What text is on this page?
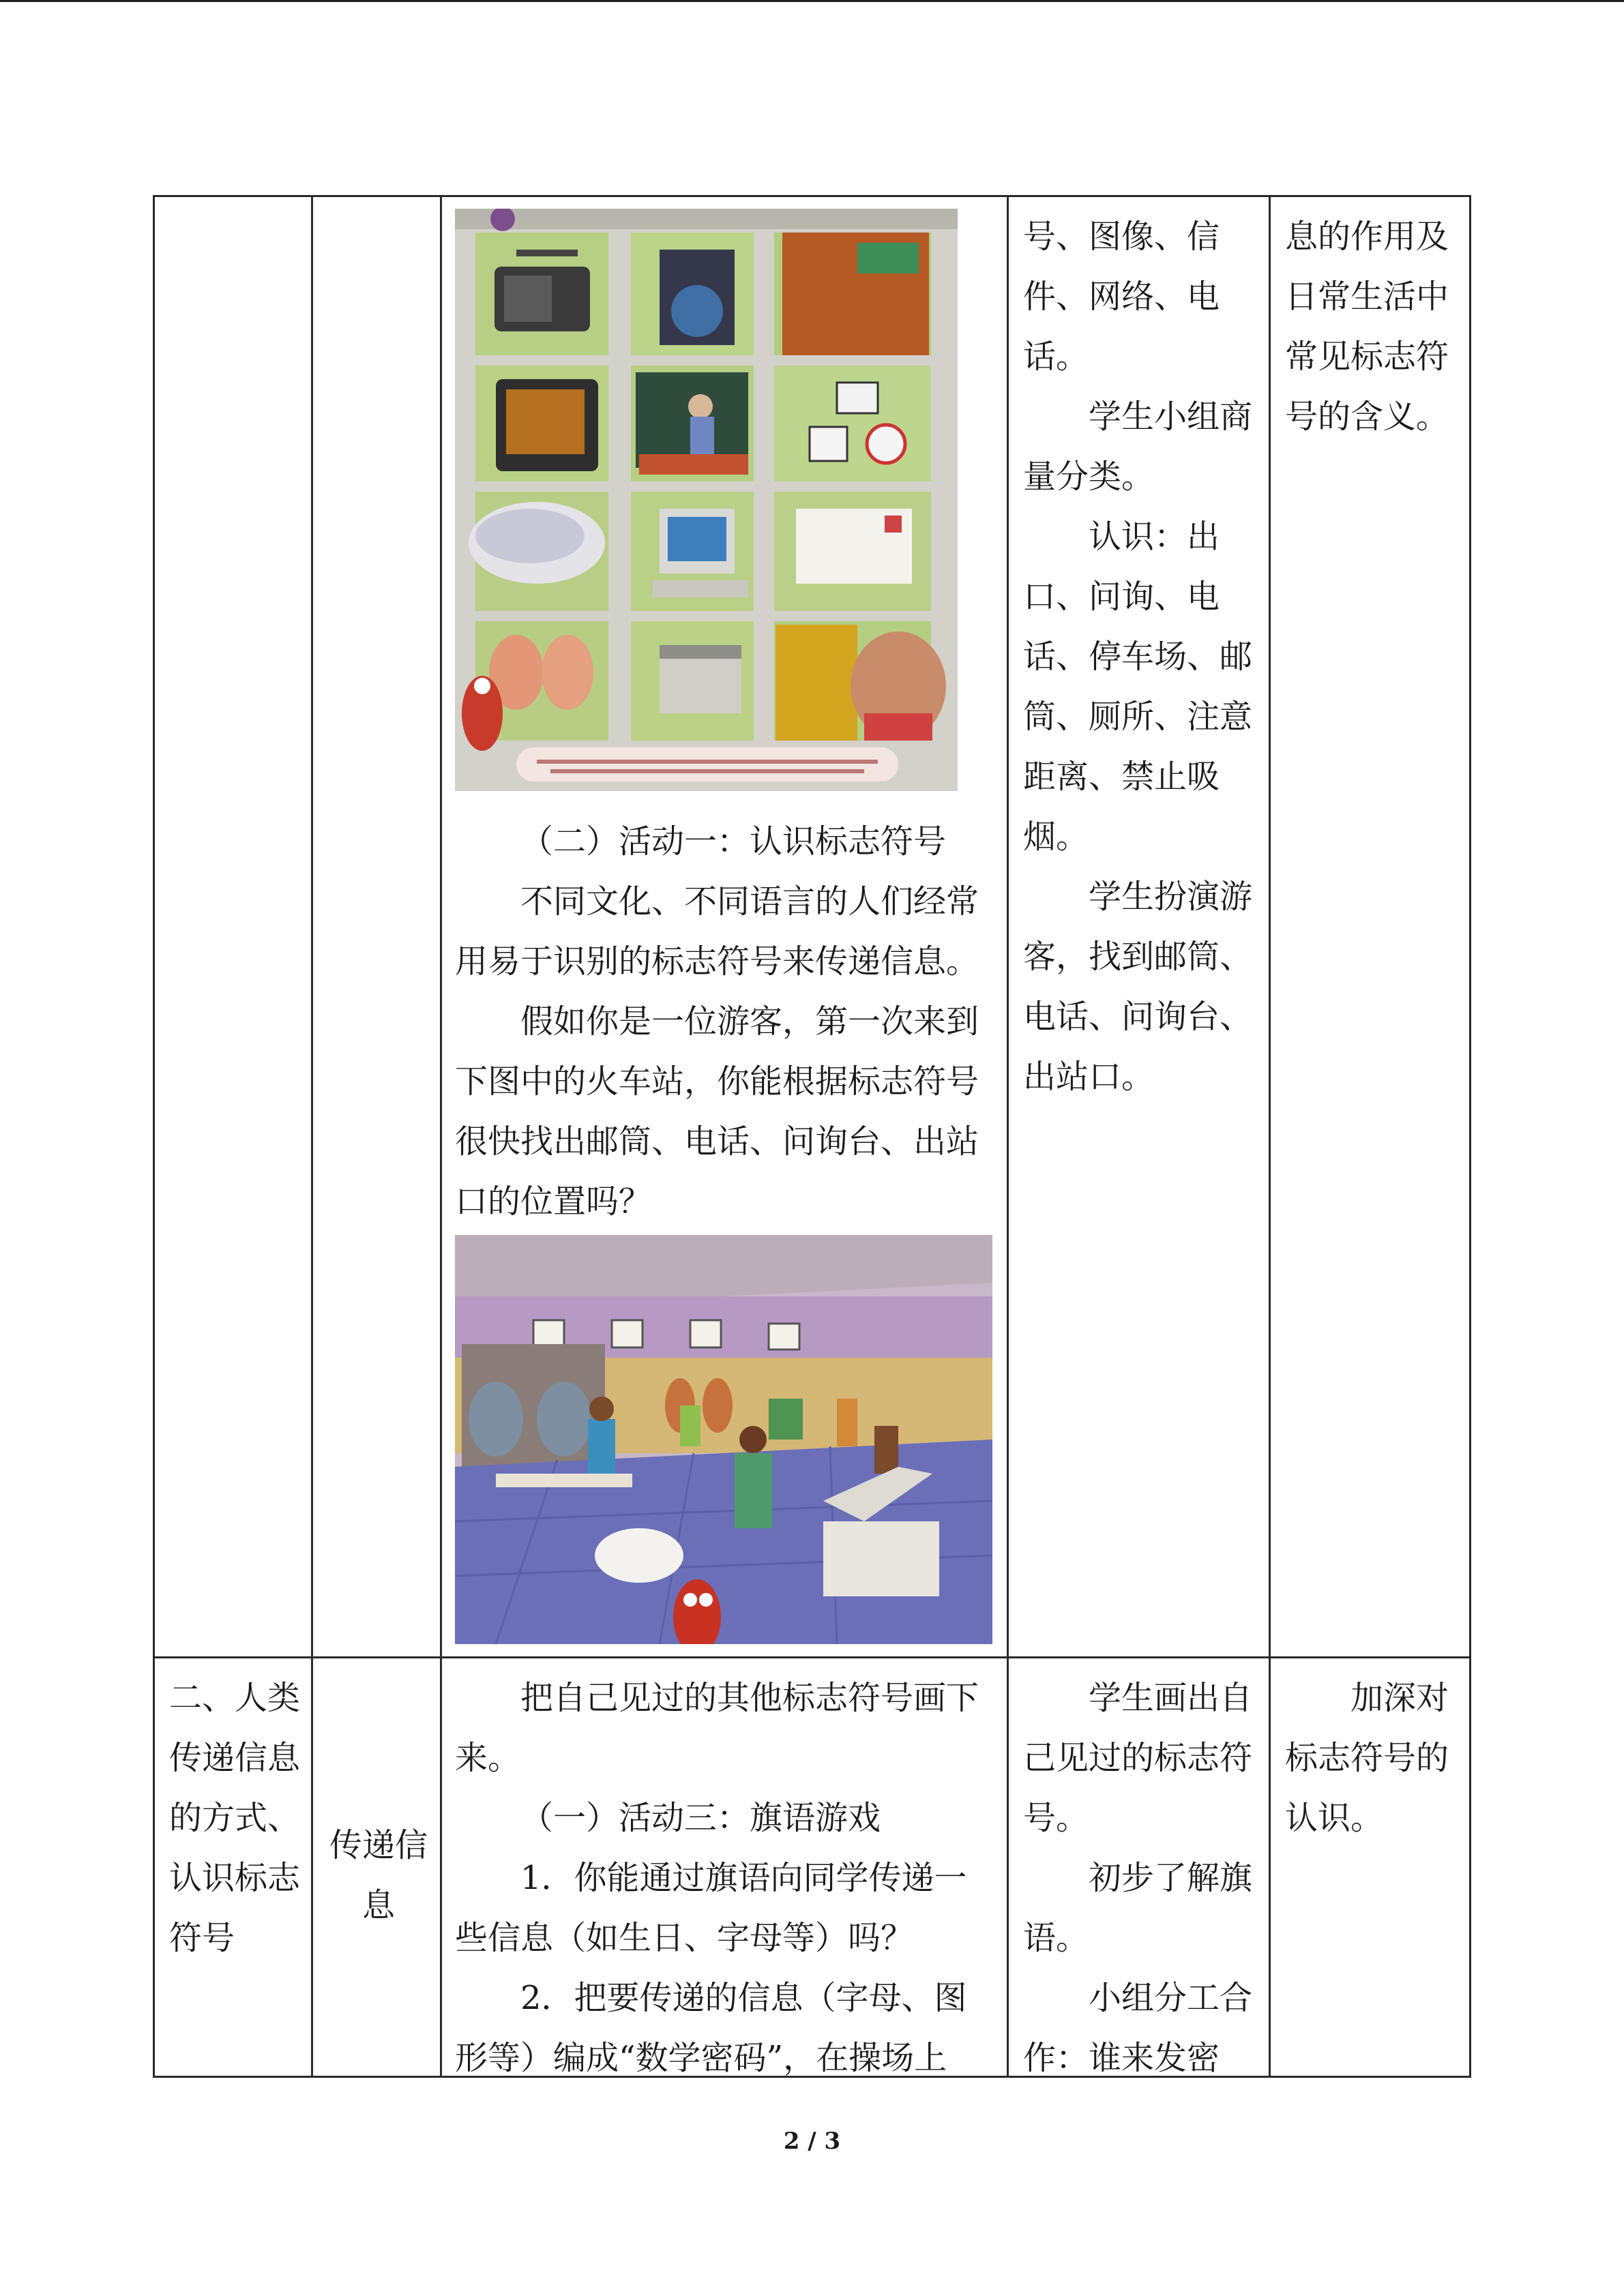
（二）活动一：认识标志符号

不同文化、不同语言的人们经常用易于识别的标志符号来传递信息。

假如你是一位游客，第一次来到下图中的火车站，你能根据标志符号很快找出邮筒、电话、问询台、出站口的位置吗？

号、图像、信件、网络、电话。

学生小组商量分类。

认识：出口、问询、电话、停车场、邮筒、厕所、注意距离、禁止吸烟。

学生扮演游客，找到邮筒、电话、问询台、出站口。

息的作用及日常生活中常见标志符号的含义。

二、人类传递信息的方式、认识标志符号

传递信息

把自己见过的其他标志符号画下来。

（一）活动三：旗语游戏

1．你能通过旗语向同学传递一些信息（如生日、字母等）吗？

2．把要传递的信息（字母、图形等）编成“数学密码”，在操场上

学生画出自己见过的标志符号。

初步了解旗语。

小组分工合作：谁来发密

加深对标志符号的认识。

2 / 3
